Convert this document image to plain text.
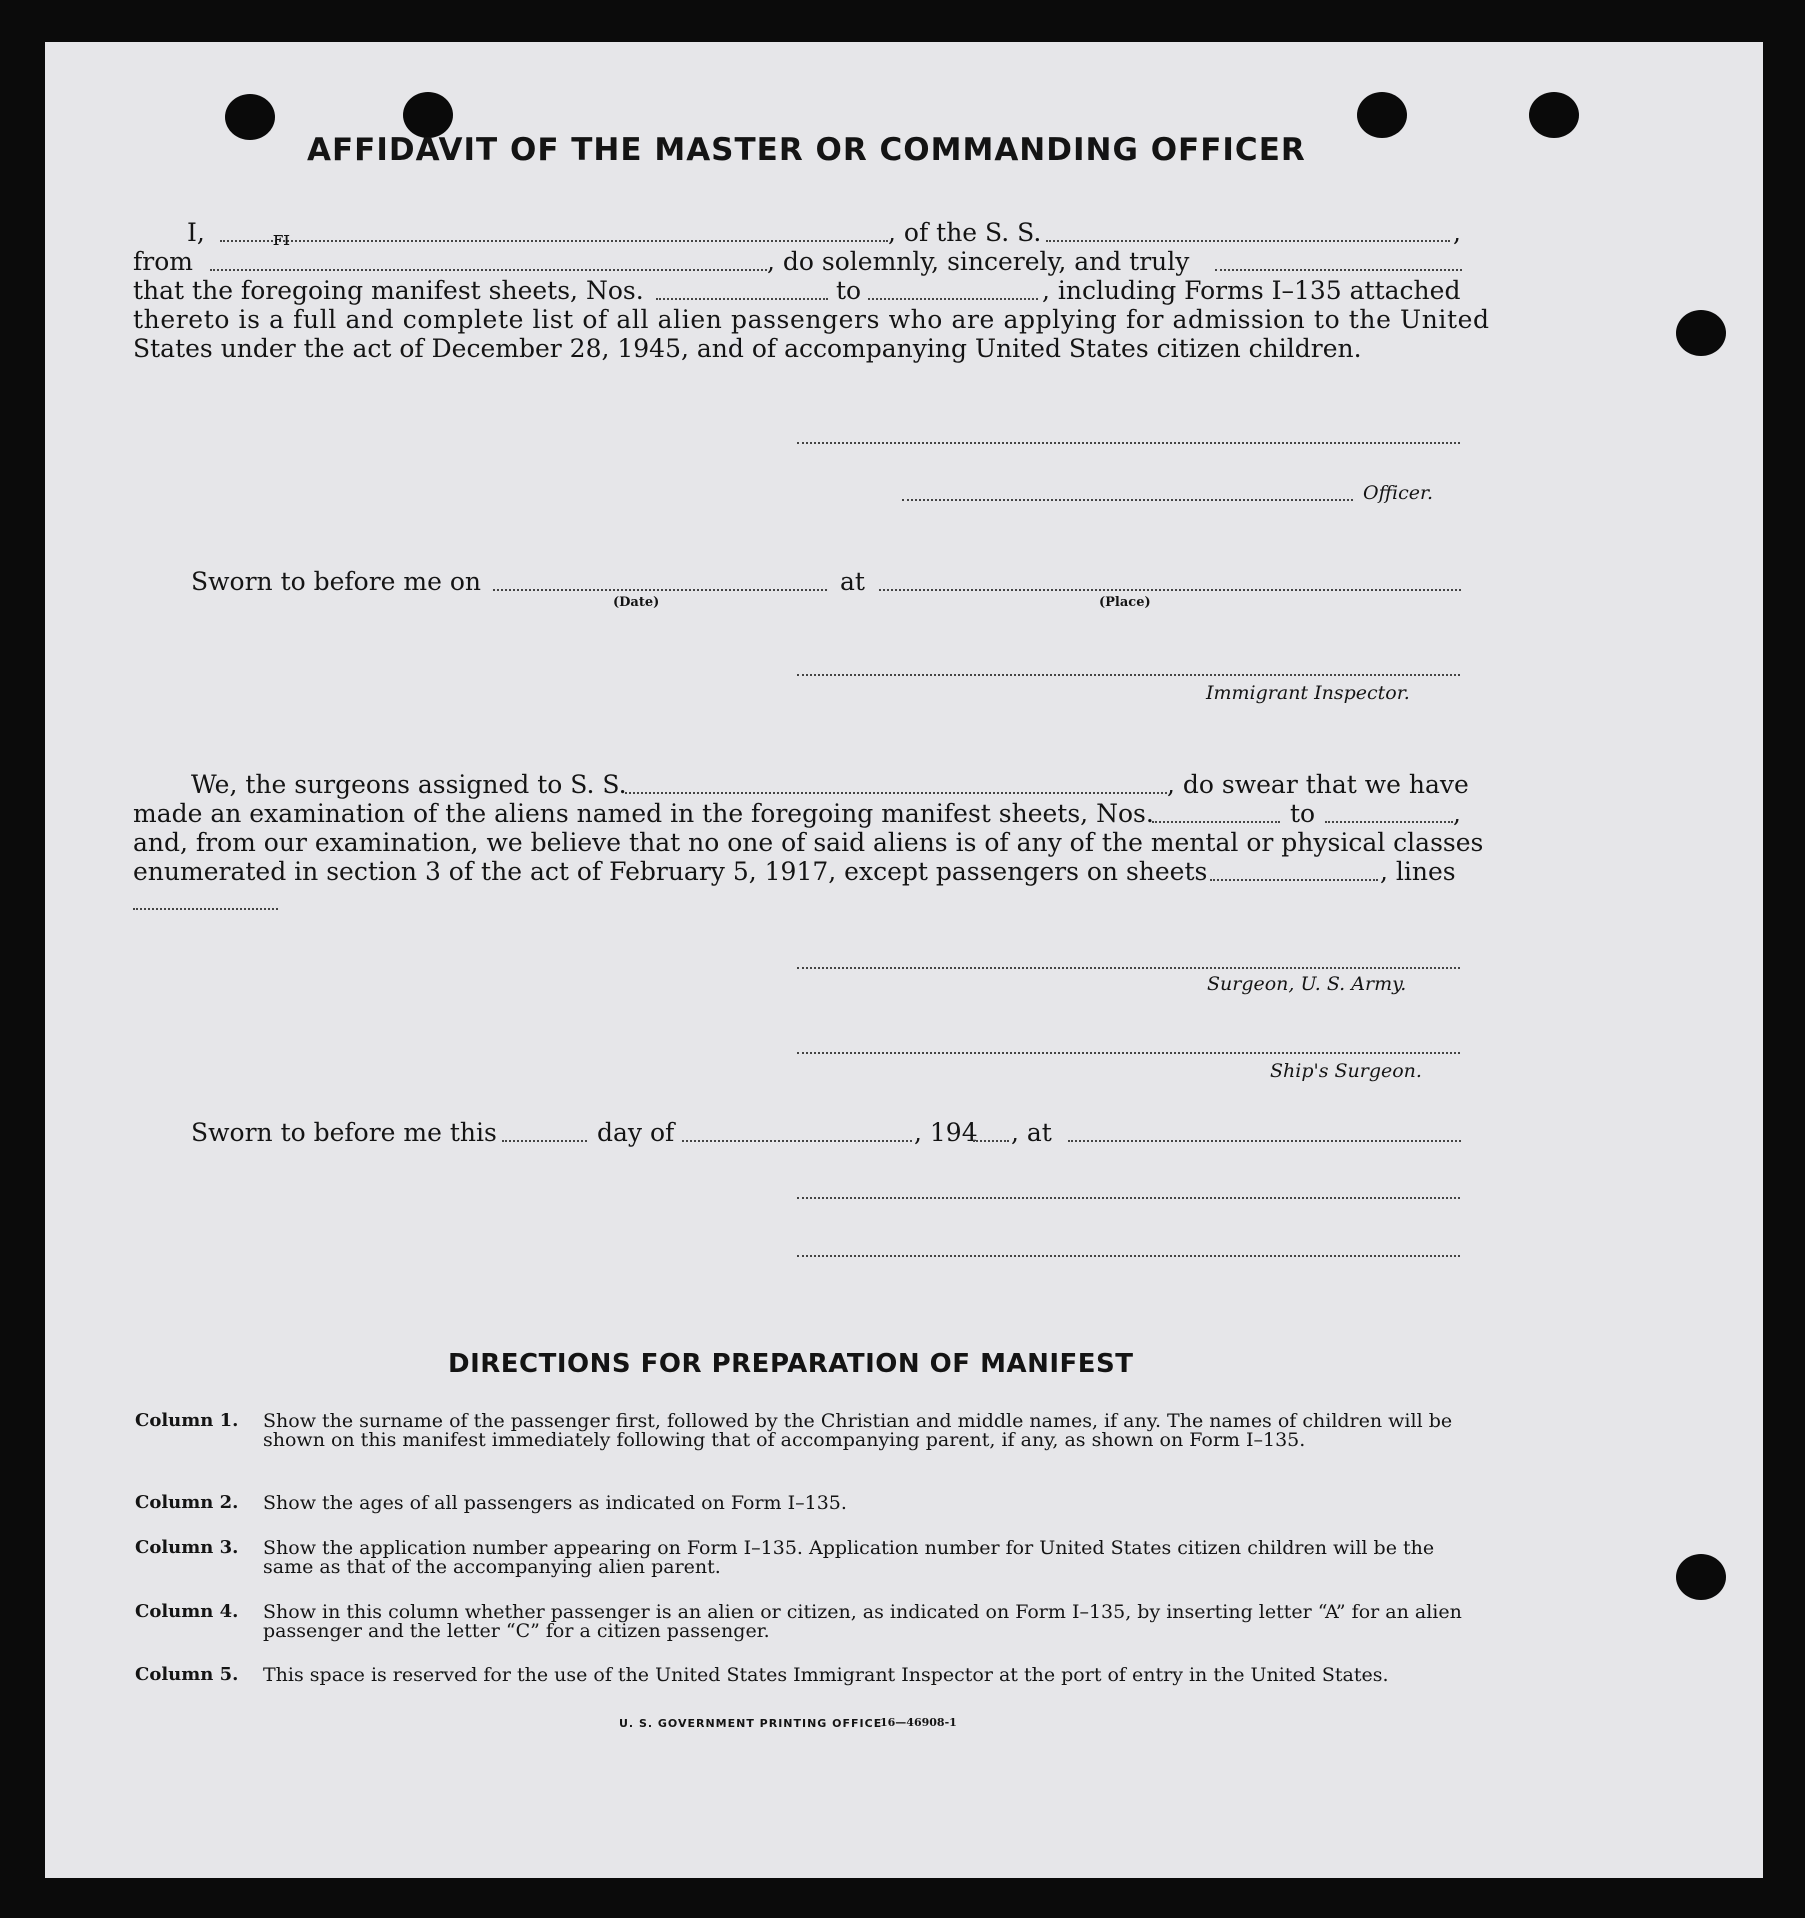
AFFIDAVIT OF THE MASTER OR COMMANDING OFFICER
I,	ꜰɪ	, of the S. S.	,
from	, do solemnly, sincerely, and truly
that the foregoing manifest sheets, Nos.	to	, including Forms I–135 attached
thereto is a full and complete list of all alien passengers who are applying for admission to the United
States under the act of December 28, 1945, and of accompanying United States citizen children.
Officer.
Sworn to before me on	at
(Date)	(Place)
Immigrant Inspector.
We, the surgeons assigned to S. S.	, do swear that we have
made an examination of the aliens named in the foregoing manifest sheets, Nos.	to	,
and, from our examination, we believe that no one of said aliens is of any of the mental or physical classes
enumerated in section 3 of the act of February 5, 1917, except passengers on sheets	, lines
Surgeon, U. S. Army.
Ship's Surgeon.
Sworn to before me this	day of	, 194 , at
DIRECTIONS FOR PREPARATION OF MANIFEST
Column 1. Show the surname of the passenger first, followed by the Christian and middle names, if any. The names of children will be shown on this manifest immediately following that of accompanying parent, if any, as shown on Form I–135.
Column 2. Show the ages of all passengers as indicated on Form I–135.
Column 3. Show the application number appearing on Form I–135. Application number for United States citizen children will be the same as that of the accompanying alien parent.
Column 4. Show in this column whether passenger is an alien or citizen, as indicated on Form I–135, by inserting letter “A” for an alien passenger and the letter “C” for a citizen passenger.
Column 5. This space is reserved for the use of the United States Immigrant Inspector at the port of entry in the United States.
U. S. GOVERNMENT PRINTING OFFICE
16—46908-1
